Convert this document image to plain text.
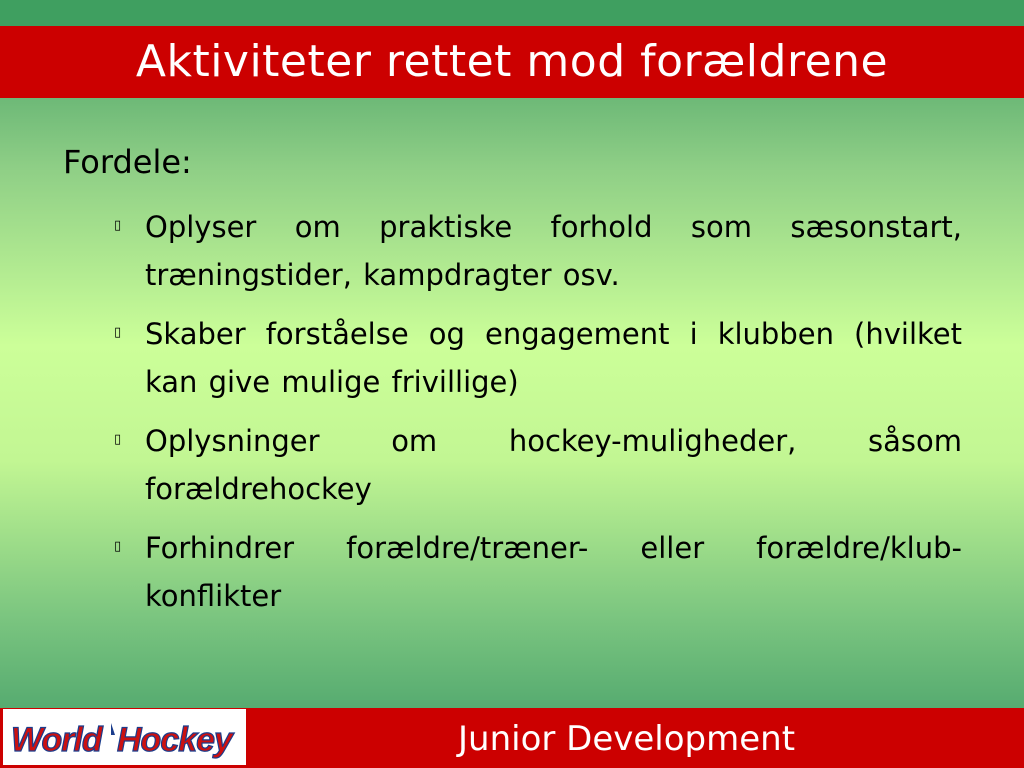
Aktiviteter rettet mod forældrene
Fordele:
▯ Oplyser om praktiske forhold som sæsonstart, træningstider, kampdragter osv.
▯ Skaber forståelse og engagement i klubben (hvilket kan give mulige frivillige)
▯ Oplysninger om hockey-muligheder, såsom forældrehockey
▯ Forhindrer forældre/træner- eller forældre/klub-konflikter
World Hockey	Junior Development
